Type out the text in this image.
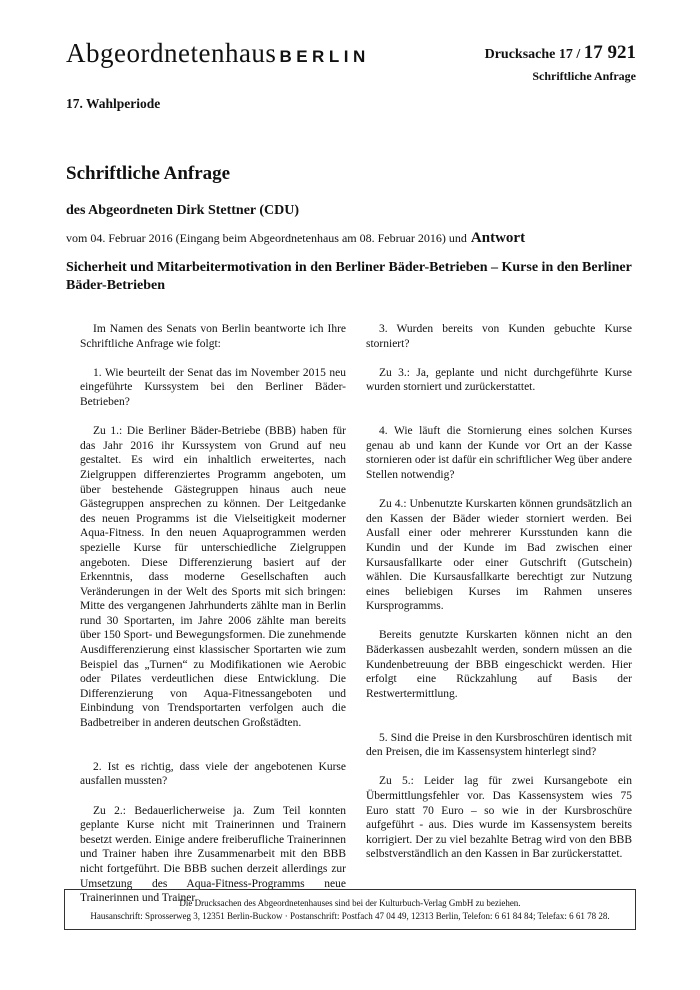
Abgeordnetenhaus BERLIN	Drucksache 17 / 17 921
Schriftliche Anfrage
17. Wahlperiode
Schriftliche Anfrage
des Abgeordneten Dirk Stettner (CDU)
vom 04. Februar 2016 (Eingang beim Abgeordnetenhaus am 08. Februar 2016) und Antwort
Sicherheit und Mitarbeitermotivation in den Berliner Bäder-Betrieben – Kurse in den Berliner Bäder-Betrieben

Im Namen des Senats von Berlin beantworte ich Ihre Schriftliche Anfrage wie folgt:

1. Wie beurteilt der Senat das im November 2015 neu eingeführte Kurssystem bei den Berliner Bäder- Betrieben?

Zu 1.: Die Berliner Bäder-Betriebe (BBB) haben für das Jahr 2016 ihr Kurssystem von Grund auf neu gestaltet. Es wird ein inhaltlich erweitertes, nach Zielgruppen differenziertes Programm angeboten, um über bestehende Gästegruppen hinaus auch neue Gästegruppen ansprechen zu können. Der Leitgedanke des neuen Programms ist die Vielseitigkeit moderner Aqua-Fitness. In den neuen Aquaprogrammen werden spezielle Kurse für unterschiedliche Zielgruppen angeboten. Diese Differenzierung basiert auf der Erkenntnis, dass moderne Gesellschaften auch Veränderungen in der Welt des Sports mit sich bringen: Mitte des vergangenen Jahrhunderts zählte man in Berlin rund 30 Sportarten, im Jahre 2006 zählte man bereits über 150 Sport- und Bewegungsformen. Die zunehmende Ausdifferenzierung einst klassischer Sportarten wie zum Beispiel das „Turnen“ zu Modifikationen wie Aerobic oder Pilates verdeutlichen diese Entwicklung. Die Differenzierung von Aqua-Fitnessangeboten und Einbindung von Trendsportarten verfolgen auch die Badbetreiber in anderen deutschen Großstädten.

2. Ist es richtig, dass viele der angebotenen Kurse ausfallen mussten?

Zu 2.: Bedauerlicherweise ja. Zum Teil konnten geplante Kurse nicht mit Trainerinnen und Trainern besetzt werden. Einige andere freiberufliche Trainerinnen und Trainer haben ihre Zusammenarbeit mit den BBB nicht fortgeführt. Die BBB suchen derzeit allerdings zur Umsetzung des Aqua-Fitness-Programms neue Trainerinnen und Trainer.

3. Wurden bereits von Kunden gebuchte Kurse storniert?

Zu 3.: Ja, geplante und nicht durchgeführte Kurse wurden storniert und zurückerstattet.

4. Wie läuft die Stornierung eines solchen Kurses genau ab und kann der Kunde vor Ort an der Kasse stornieren oder ist dafür ein schriftlicher Weg über andere Stellen notwendig?

Zu 4.: Unbenutzte Kurskarten können grundsätzlich an den Kassen der Bäder wieder storniert werden. Bei Ausfall einer oder mehrerer Kursstunden kann die Kundin und der Kunde im Bad zwischen einer Kursausfallkarte oder einer Gutschrift (Gutschein) wählen. Die Kursausfallkarte berechtigt zur Nutzung eines beliebigen Kurses im Rahmen unseres Kursprogramms.

Bereits genutzte Kurskarten können nicht an den Bäderkassen ausbezahlt werden, sondern müssen an die Kundenbetreuung der BBB eingeschickt werden. Hier erfolgt eine Rückzahlung auf Basis der Restwertermittlung.

5. Sind die Preise in den Kursbroschüren identisch mit den Preisen, die im Kassensystem hinterlegt sind?

Zu 5.: Leider lag für zwei Kursangebote ein Übermittlungsfehler vor. Das Kassensystem wies 75 Euro statt 70 Euro – so wie in der Kursbroschüre aufgeführt - aus. Dies wurde im Kassensystem bereits korrigiert. Der zu viel bezahlte Betrag wird von den BBB selbstverständlich an den Kassen in Bar zurückerstattet.

Die Drucksachen des Abgeordnetenhauses sind bei der Kulturbuch-Verlag GmbH zu beziehen.
Hausanschrift: Sprosserweg 3, 12351 Berlin-Buckow · Postanschrift: Postfach 47 04 49, 12313 Berlin, Telefon: 6 61 84 84; Telefax: 6 61 78 28.
